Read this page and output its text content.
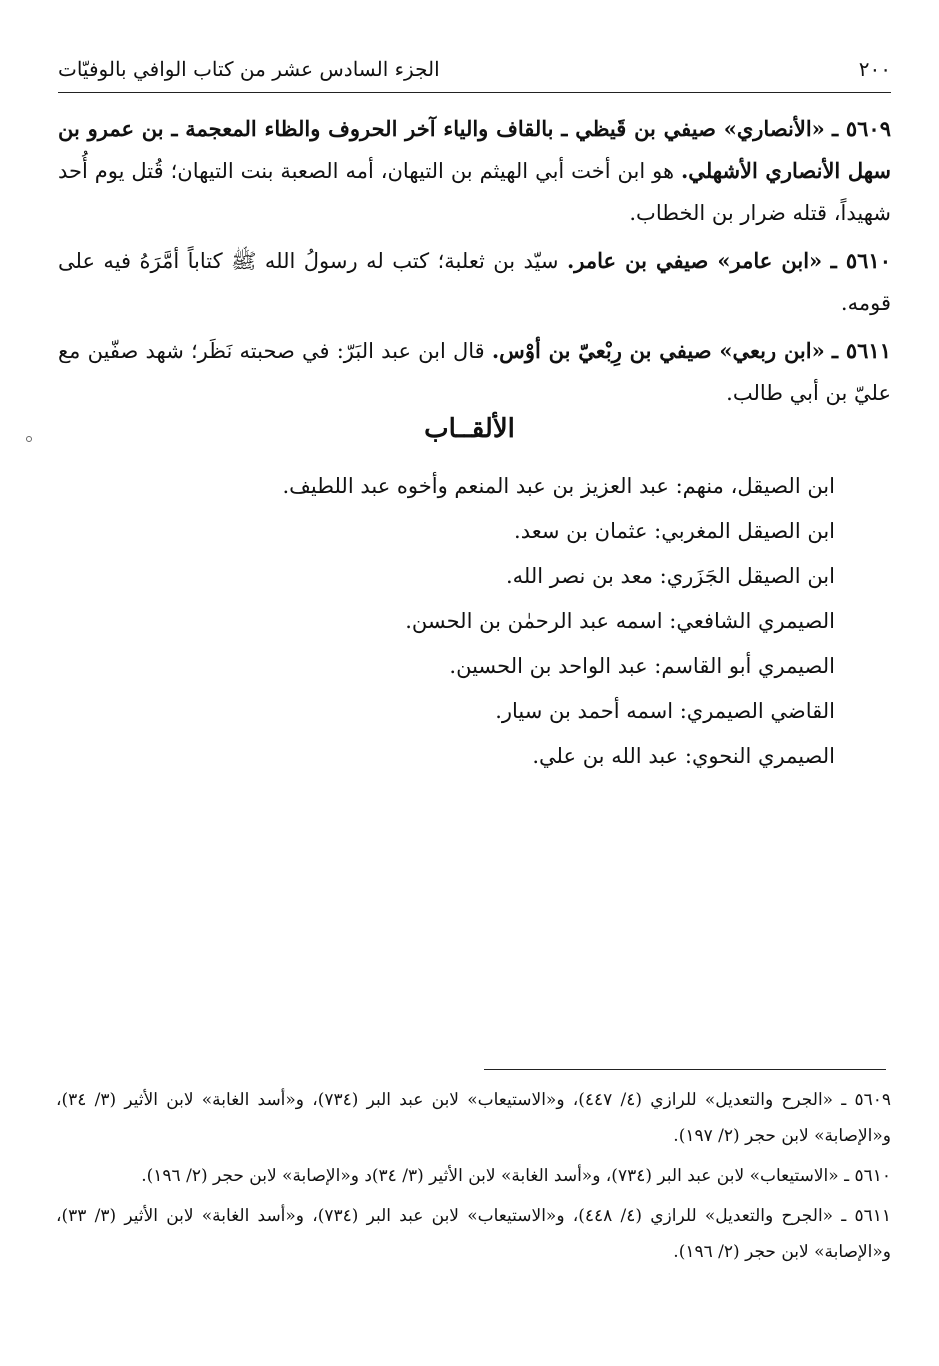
٢٠٠
الجزء السادس عشر من كتاب الوافي بالوفيّات

٥٦٠٩ ـ «الأنصاري» صيفي بن قَيظي ـ بالقاف والياء آخر الحروف والظاء المعجمة ـ بن عمرو بن سهل الأنصاري الأشهلي. هو ابن أخت أبي الهيثم بن التيهان، أمه الصعبة بنت التيهان؛ قُتل يوم أُحد شهيداً، قتله ضرار بن الخطاب.

٥٦١٠ ـ «ابن عامر» صيفي بن عامر. سيّد بن ثعلبة؛ كتب له رسولُ الله ﷺ كتاباً أمَّرَهُ فيه على قومه.

٥٦١١ ـ «ابن ربعي» صيفي بن رِبْعيّ بن أوْس. قال ابن عبد البَرّ: في صحبته نَظَر؛ شهد صفّين مع عليّ بن أبي طالب.

الألقــاب
ابن الصيقل، منهم: عبد العزيز بن عبد المنعم وأخوه عبد اللطيف.
ابن الصيقل المغربي: عثمان بن سعد.
ابن الصيقل الجَزَري: معد بن نصر الله.
الصيمري الشافعي: اسمه عبد الرحمٰن بن الحسن.
الصيمري أبو القاسم: عبد الواحد بن الحسين.
القاضي الصيمري: اسمه أحمد بن سيار.
الصيمري النحوي: عبد الله بن علي.

٥٦٠٩ ـ «الجرح والتعديل» للرازي (٤/ ٤٤٧)، و«الاستيعاب» لابن عبد البر (٧٣٤)، و«أسد الغابة» لابن الأثير (٣/ ٣٤)، و«الإصابة» لابن حجر (٢/ ١٩٧).

٥٦١٠ ـ «الاستيعاب» لابن عبد البر (٧٣٤)، و«أسد الغابة» لابن الأثير (٣/ ٣٤)د و«الإصابة» لابن حجر (٢/ ١٩٦).

٥٦١١ ـ «الجرح والتعديل» للرازي (٤/ ٤٤٨)، و«الاستيعاب» لابن عبد البر (٧٣٤)، و«أسد الغابة» لابن الأثير (٣/ ٣٣)، و«الإصابة» لابن حجر (٢/ ١٩٦).
